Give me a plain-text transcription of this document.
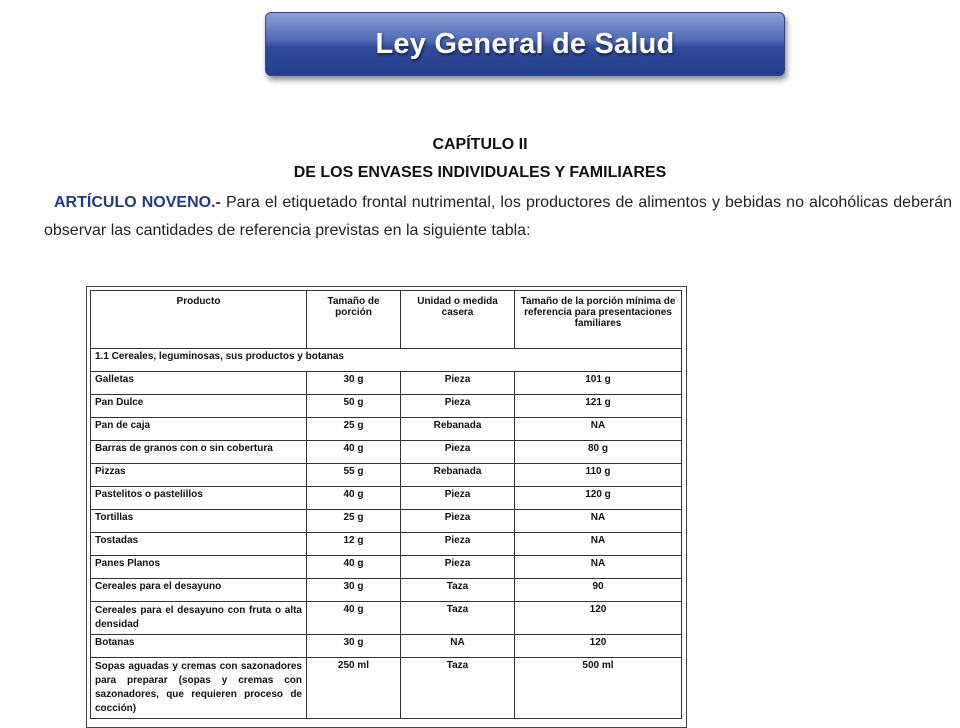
Ley General de Salud
CAPÍTULO II
DE LOS ENVASES INDIVIDUALES Y FAMILIARES
ARTÍCULO NOVENO.- Para el etiquetado frontal nutrimental, los productores de alimentos y bebidas no alcohólicas deberán observar las cantidades de referencia previstas en la siguiente tabla:
Producto	Tamaño de porción	Unidad o medida casera	Tamaño de la porción mínima de referencia para presentaciones familiares
1.1 Cereales, leguminosas, sus productos y botanas			
Galletas	30 g	Pieza	101 g
Pan Dulce	50 g	Pieza	121 g
Pan de caja	25 g	Rebanada	NA
Barras de granos con o sin cobertura	40 g	Pieza	80 g
Pizzas	55 g	Rebanada	110 g
Pastelitos o pastelillos	40 g	Pieza	120 g
Tortillas	25 g	Pieza	NA
Tostadas	12 g	Pieza	NA
Panes Planos	40 g	Pieza	NA
Cereales para el desayuno	30 g	Taza	90
Cereales para el desayuno con fruta o alta densidad	40 g	Taza	120
Botanas	30 g	NA	120
Sopas aguadas y cremas con sazonadores para preparar (sopas y cremas con sazonadores, que requieren proceso de cocción)	250 ml	Taza	500 ml
